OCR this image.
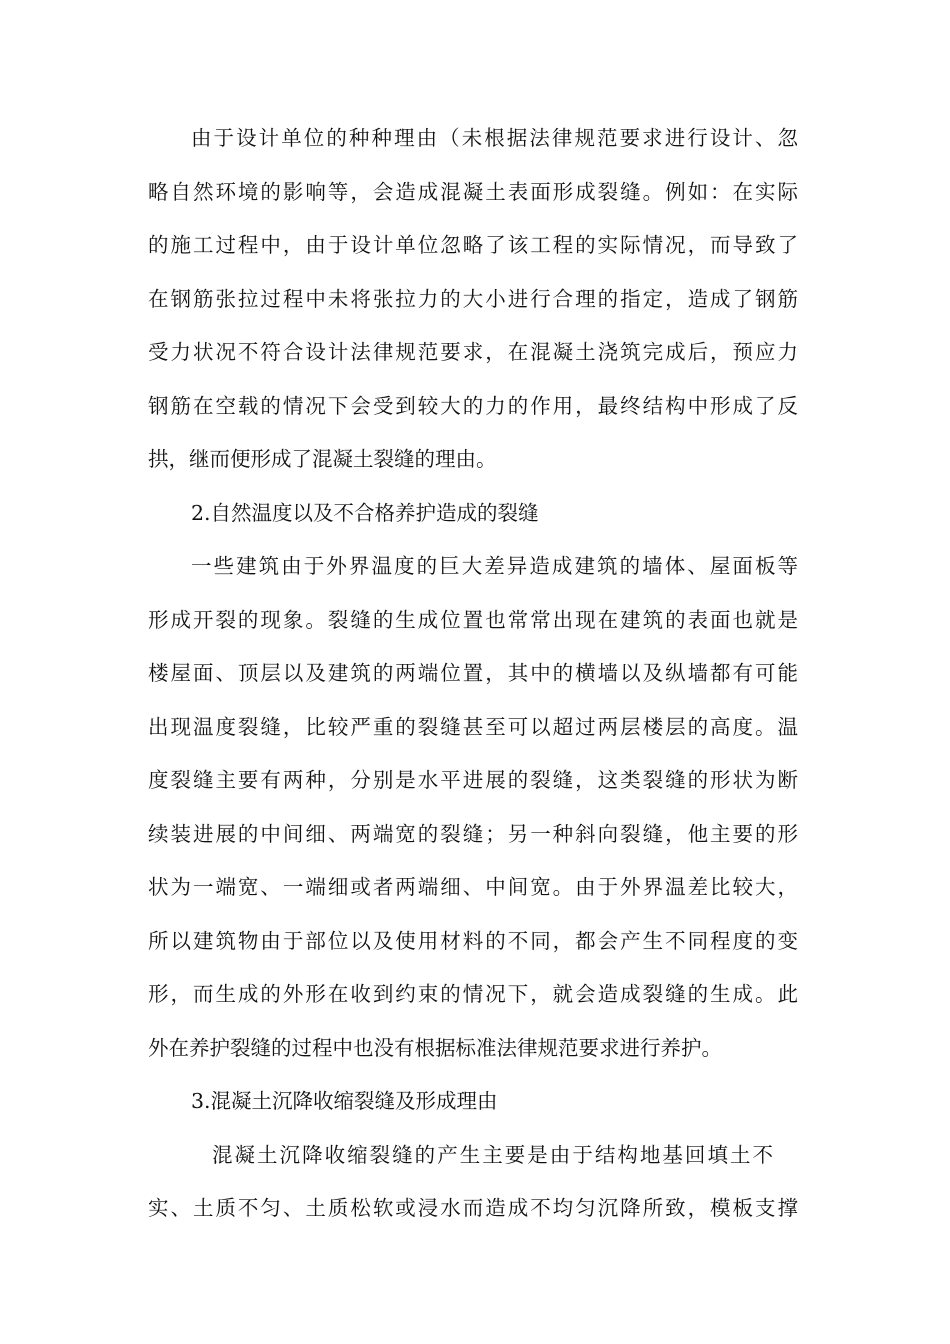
由于设计单位的种种理由（未根据法律规范要求进行设计、忽
略自然环境的影响等，会造成混凝土表面形成裂缝。例如：在实际
的施工过程中，由于设计单位忽略了该工程的实际情况，而导致了
在钢筋张拉过程中未将张拉力的大小进行合理的指定，造成了钢筋
受力状况不符合设计法律规范要求，在混凝土浇筑完成后，预应力
钢筋在空载的情况下会受到较大的力的作用，最终结构中形成了反
拱，继而便形成了混凝土裂缝的理由。
2.自然温度以及不合格养护造成的裂缝
一些建筑由于外界温度的巨大差异造成建筑的墙体、屋面板等
形成开裂的现象。裂缝的生成位置也常常出现在建筑的表面也就是
楼屋面、顶层以及建筑的两端位置，其中的横墙以及纵墙都有可能
出现温度裂缝，比较严重的裂缝甚至可以超过两层楼层的高度。温
度裂缝主要有两种，分别是水平进展的裂缝，这类裂缝的形状为断
续装进展的中间细、两端宽的裂缝；另一种斜向裂缝，他主要的形
状为一端宽、一端细或者两端细、中间宽。由于外界温差比较大，
所以建筑物由于部位以及使用材料的不同，都会产生不同程度的变
形，而生成的外形在收到约束的情况下，就会造成裂缝的生成。此
外在养护裂缝的过程中也没有根据标准法律规范要求进行养护。
3.混凝土沉降收缩裂缝及形成理由
混凝土沉降收缩裂缝的产生主要是由于结构地基回填土不
实、土质不匀、土质松软或浸水而造成不均匀沉降所致，模板支撑
